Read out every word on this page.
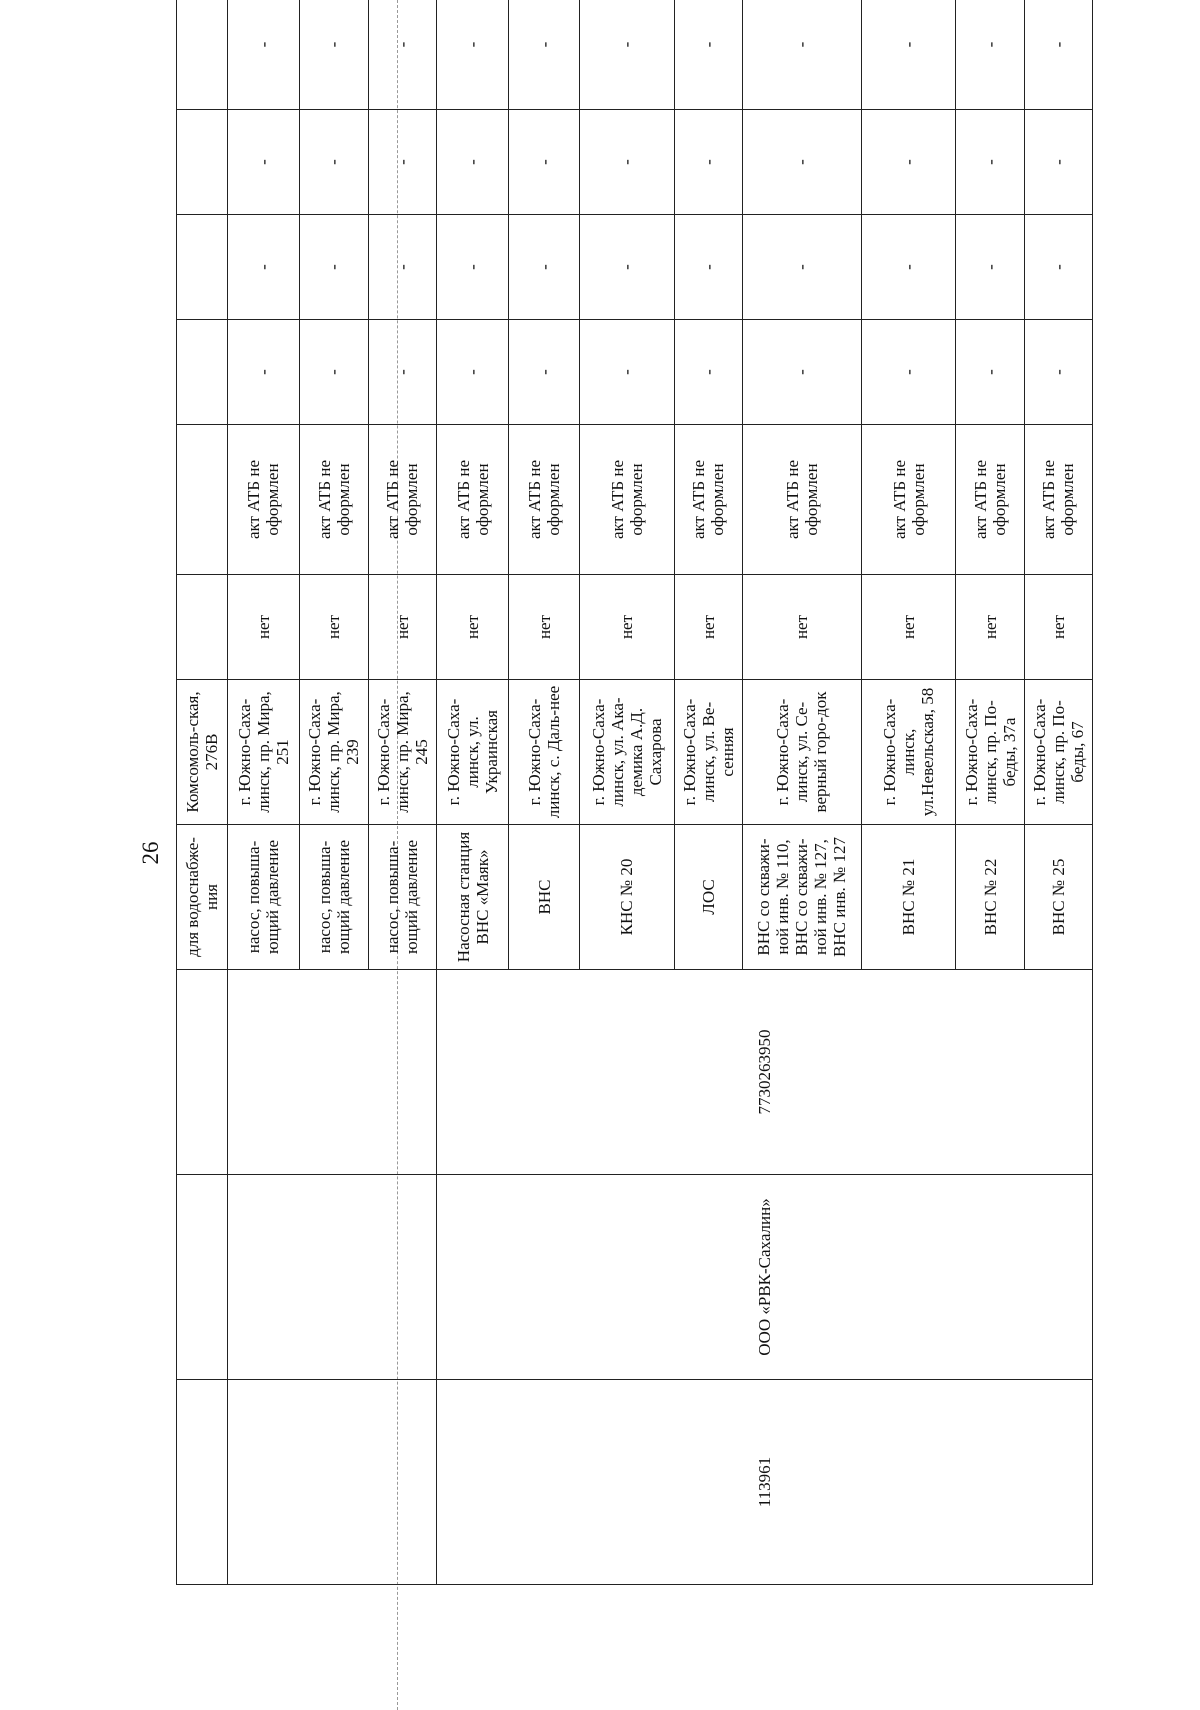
26
				для водоснабже-ния	Комсомоль-ская, 276В						
			насос, повыша-ющий давление	г. Южно-Саха-линск, пр. Мира, 251	нет	акт АТБ не оформлен	-	-	-	-
			насос, повыша-ющий давление	г. Южно-Саха-линск, пр. Мира, 239	нет	акт АТБ не оформлен	-	-	-	-
			насос, повыша-ющий давление	г. Южно-Саха-линск, пр. Мира, 245	нет	акт АТБ не оформлен	-	-	-	-
113961	ООО «РВК-Сахалин»	7730263950	Насосная станция ВНС «Маяк»	г. Южно-Саха-линск, ул. Украинская	нет	акт АТБ не оформлен	-	-	-	-
			ВНС	г. Южно-Саха-линск, с. Даль-нее	нет	акт АТБ не оформлен	-	-	-	-
			КНС № 20	г. Южно-Саха-линск, ул. Ака-демика А.Д. Сахарова	нет	акт АТБ не оформлен	-	-	-	-
			ЛОС	г. Южно-Саха-линск, ул. Ве-сенняя	нет	акт АТБ не оформлен	-	-	-	-
			ВНС со скважи-ной инв. № 110, ВНС со скважи-ной инв. № 127, ВНС инв. № 127	г. Южно-Саха-линск, ул. Се-верный горо-док	нет	акт АТБ не оформлен	-	-	-	-
			ВНС № 21	г. Южно-Саха-линск, ул.Невельская, 58	нет	акт АТБ не оформлен	-	-	-	-
			ВНС № 22	г. Южно-Саха-линск, пр. По-беды, 37а	нет	акт АТБ не оформлен	-	-	-	-
			ВНС № 25	г. Южно-Саха-линск, пр. По-беды, 67	нет	акт АТБ не оформлен	-	-	-	-
